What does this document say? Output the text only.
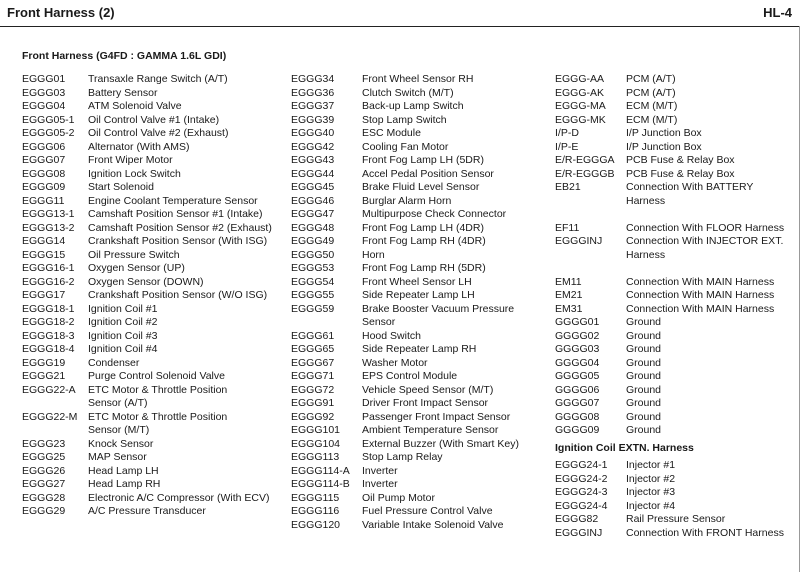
Front Harness (2)	HL-4
Front Harness (G4FD : GAMMA 1.6L GDI)
EGGG01	Transaxle Range Switch (A/T)
EGGG03	Battery Sensor
EGGG04	ATM Solenoid Valve
EGGG05-1	Oil Control Valve #1 (Intake)
EGGG05-2	Oil Control Valve #2 (Exhaust)
EGGG06	Alternator (With AMS)
EGGG07	Front Wiper Motor
EGGG08	Ignition Lock Switch
EGGG09	Start Solenoid
EGGG11	Engine Coolant Temperature Sensor
EGGG13-1	Camshaft Position Sensor #1 (Intake)
EGGG13-2	Camshaft Position Sensor #2 (Exhaust)
EGGG14	Crankshaft Position Sensor (With ISG)
EGGG15	Oil Pressure Switch
EGGG16-1	Oxygen Sensor (UP)
EGGG16-2	Oxygen Sensor (DOWN)
EGGG17	Crankshaft Position Sensor (W/O ISG)
EGGG18-1	Ignition Coil #1
EGGG18-2	Ignition Coil #2
EGGG18-3	Ignition Coil #3
EGGG18-4	Ignition Coil #4
EGGG19	Condenser
EGGG21	Purge Control Solenoid Valve
EGGG22-A	ETC Motor & Throttle Position
Sensor (A/T)
EGGG22-M	ETC Motor & Throttle Position
Sensor (M/T)
EGGG23	Knock Sensor
EGGG25	MAP Sensor
EGGG26	Head Lamp LH
EGGG27	Head Lamp RH
EGGG28	Electronic A/C Compressor (With ECV)
EGGG29	A/C Pressure Transducer
EGGG34	Front Wheel Sensor RH
EGGG36	Clutch Switch (M/T)
EGGG37	Back-up Lamp Switch
EGGG39	Stop Lamp Switch
EGGG40	ESC Module
EGGG42	Cooling Fan Motor
EGGG43	Front Fog Lamp LH (5DR)
EGGG44	Accel Pedal Position Sensor
EGGG45	Brake Fluid Level Sensor
EGGG46	Burglar Alarm Horn
EGGG47	Multipurpose Check Connector
EGGG48	Front Fog Lamp LH (4DR)
EGGG49	Front Fog Lamp RH (4DR)
EGGG50	Horn
EGGG53	Front Fog Lamp RH (5DR)
EGGG54	Front Wheel Sensor LH
EGGG55	Side Repeater Lamp LH
EGGG59	Brake Booster Vacuum Pressure
Sensor
EGGG61	Hood Switch
EGGG65	Side Repeater Lamp RH
EGGG67	Washer Motor
EGGG71	EPS Control Module
EGGG72	Vehicle Speed Sensor (M/T)
EGGG91	Driver Front Impact Sensor
EGGG92	Passenger Front Impact Sensor
EGGG101	Ambient Temperature Sensor
EGGG104	External Buzzer (With Smart Key)
EGGG113	Stop Lamp Relay
EGGG114-A	Inverter
EGGG114-B	Inverter
EGGG115	Oil Pump Motor
EGGG116	Fuel Pressure Control Valve
EGGG120	Variable Intake Solenoid Valve
EGGG-AA	PCM (A/T)
EGGG-AK	PCM (A/T)
EGGG-MA	ECM (M/T)
EGGG-MK	ECM (M/T)
I/P-D	I/P Junction Box
I/P-E	I/P Junction Box
E/R-EGGGA	PCB Fuse & Relay Box
E/R-EGGGB	PCB Fuse & Relay Box
EB21	Connection With BATTERY
Harness
EF11	Connection With FLOOR Harness
EGGGINJ	Connection With INJECTOR EXT.
Harness
EM11	Connection With MAIN Harness
EM21	Connection With MAIN Harness
EM31	Connection With MAIN Harness
GGGG01	Ground
GGGG02	Ground
GGGG03	Ground
GGGG04	Ground
GGGG05	Ground
GGGG06	Ground
GGGG07	Ground
GGGG08	Ground
GGGG09	Ground
Ignition Coil EXTN. Harness
EGGG24-1	Injector #1
EGGG24-2	Injector #2
EGGG24-3	Injector #3
EGGG24-4	Injector #4
EGGG82	Rail Pressure Sensor
EGGGINJ	Connection With FRONT Harness
